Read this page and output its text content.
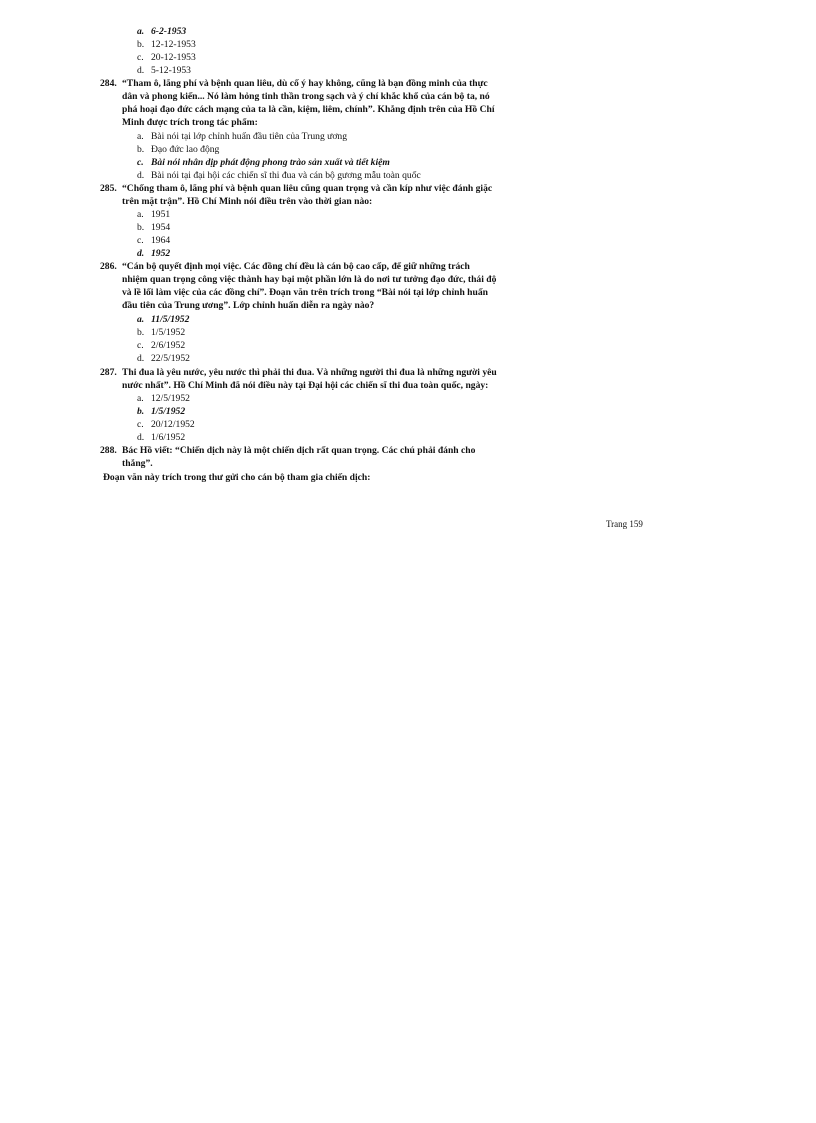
a. 6-2-1953
b. 12-12-1953
c. 20-12-1953
d. 5-12-1953
284. “Tham ô, lãng phí và bệnh quan liêu, dù cố ý hay không, cũng là bạn đồng minh của thực
dân và phong kiến... Nó làm hỏng tinh thần trong sạch và ý chí khắc khổ của cán bộ ta, nó
phá hoại đạo đức cách mạng của ta là cần, kiệm, liêm, chính”. Khẳng định trên của Hồ Chí
Minh được trích trong tác phẩm:
a. Bài nói tại lớp chỉnh huấn đầu tiên của Trung ương
b. Đạo đức lao động
c. Bài nói nhân dịp phát động phong trào sản xuất và tiết kiệm
d. Bài nói tại đại hội các chiến sĩ thi đua và cán bộ gương mẫu toàn quốc
285. “Chống tham ô, lãng phí và bệnh quan liêu cũng quan trọng và cần kíp như việc đánh giặc
trên mặt trận”. Hồ Chí Minh nói điều trên vào thời gian nào:
a. 1951
b. 1954
c. 1964
d. 1952
286. “Cán bộ quyết định mọi việc. Các đồng chí đều là cán bộ cao cấp, để giữ những trách
nhiệm quan trọng công việc thành hay bại một phần lớn là do nơi tư tưởng đạo đức, thái độ
và lề lối làm việc của các đồng chí”. Đoạn văn trên trích trong “Bài nói tại lớp chỉnh huấn
đầu tiên của Trung ương”. Lớp chỉnh huấn diễn ra ngày nào?
a. 11/5/1952
b. 1/5/1952
c. 2/6/1952
d. 22/5/1952
287. Thi đua là yêu nước, yêu nước thì phải thi đua. Và những người thi đua là những người yêu
nước nhất”. Hồ Chí Minh đã nói điều này tại Đại hội các chiến sĩ thi đua toàn quốc, ngày:
a. 12/5/1952
b. 1/5/1952
c. 20/12/1952
d. 1/6/1952
288. Bác Hồ viết: “Chiến dịch này là một chiến dịch rất quan trọng. Các chú phải đánh cho
thắng”.
Đoạn văn này trích trong thư gửi cho cán bộ tham gia chiến dịch:
Trang 159
